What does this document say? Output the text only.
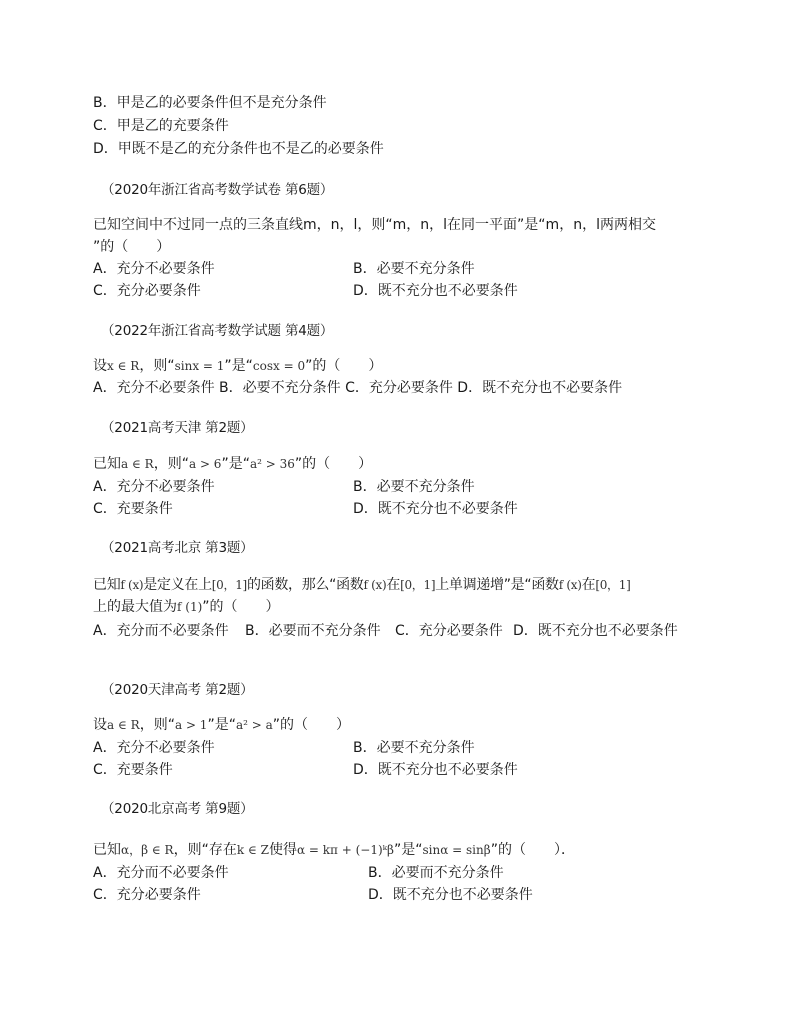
B．甲是乙的必要条件但不是充分条件
C．甲是乙的充要条件
D．甲既不是乙的充分条件也不是乙的必要条件
（2020年浙江省高考数学试卷 第6题）
已知空间中不过同一点的三条直线m，n，l，则“m，n，l在同一平面”是“m，n，l两两相交
”的（　　）
A．充分不必要条件	B．必要不充分条件
C．充分必要条件	D．既不充分也不必要条件
（2022年浙江省高考数学试题 第4题）
设x ∈ R，则“sinx = 1”是“cosx = 0”的（　　）
A．充分不必要条件 B．必要不充分条件 C．充分必要条件 D．既不充分也不必要条件
（2021高考天津 第2题）
已知a ∈ R，则“a > 6”是“a² > 36”的（　　）
A．充分不必要条件	B．必要不充分条件
C．充要条件	D．既不充分也不必要条件
（2021高考北京 第3题）
已知f (x)是定义在上[0，1]的函数，那么“函数f (x)在[0，1]上单调递增”是“函数f (x)在[0，1]
上的最大值为f (1)”的（　　）
A．充分而不必要条件	B．必要而不充分条件	C．充分必要条件 D．既不充分也不必要条件
（2020天津高考 第2题）
设a ∈ R，则“a > 1”是“a² > a”的（　　）
A．充分不必要条件	B．必要不充分条件
C．充要条件	D．既不充分也不必要条件
（2020北京高考 第9题）
已知α，β ∈ R，则“存在k ∈ Z使得α = kπ + (−1)ᵏβ”是“sinα = sinβ”的（　　）．
A．充分而不必要条件	B．必要而不充分条件
C．充分必要条件	D．既不充分也不必要条件
